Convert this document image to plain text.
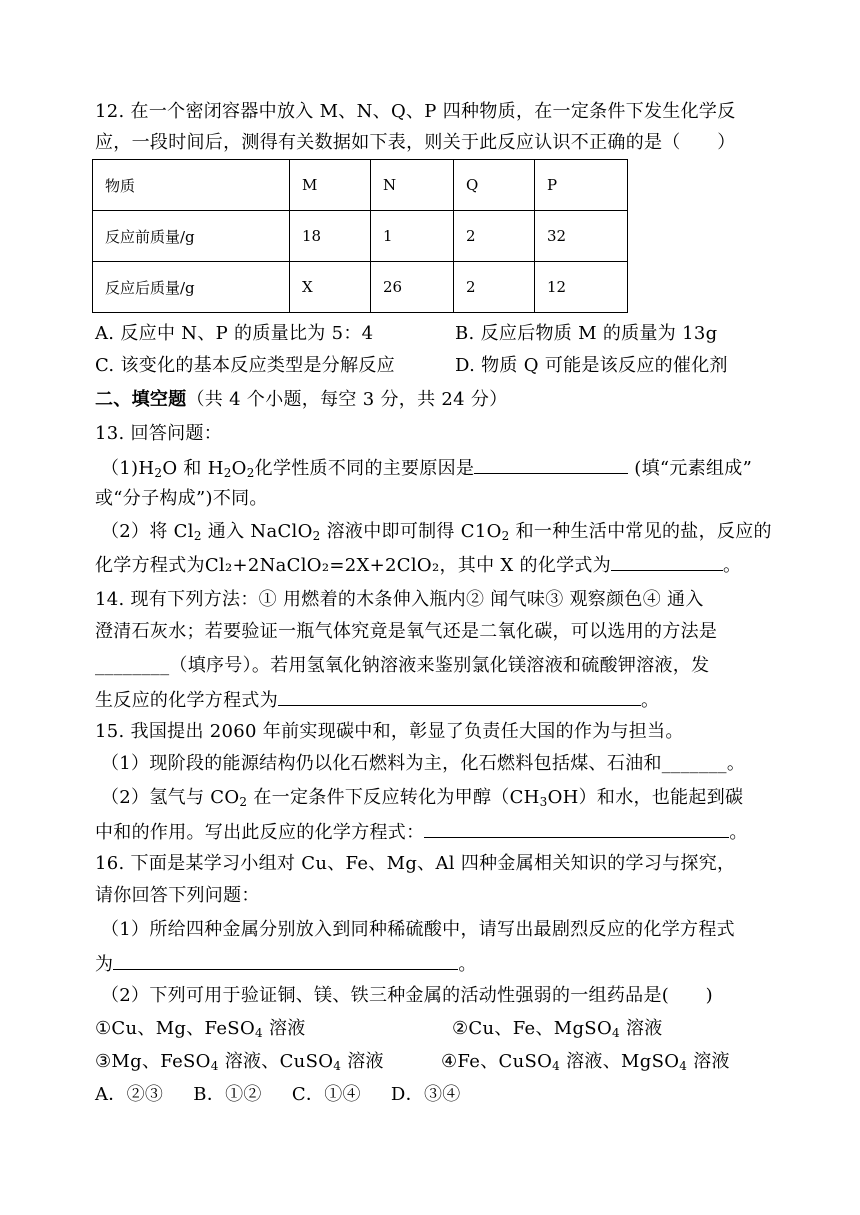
12. 在一个密闭容器中放入 M、N、Q、P 四种物质，在一定条件下发生化学反
应，一段时间后，测得有关数据如下表，则关于此反应认识不正确的是（　　）
物质	M	N	Q	P
反应前质量/g	18	1	2	32
反应后质量/g	X	26	2	12
A. 反应中 N、P 的质量比为 5：4	B. 反应后物质 M 的质量为 13g
C. 该变化的基本反应类型是分解反应	D. 物质 Q 可能是该反应的催化剂
二、填空题（共 4 个小题，每空 3 分，共 24 分）
13. 回答问题：
$(1)H_2O$ 和 $H_2O_2$化学性质不同的主要原因是	(填“元素组成”
或“分子构成”)不同。
（2）将 $Cl_2$ 通入 NaClO$_2$ 溶液中即可制得 $C1O_2$ 和一种生活中常见的盐，反应的
化学方程式为Cl₂+2NaClO₂=2X+2ClO₂，其中 X 的化学式为	。
14. 现有下列方法：① 用燃着的木条伸入瓶内② 闻气味③ 观察颜色④ 通入
澄清石灰水；若要验证一瓶气体究竟是氧气还是二氧化碳，可以选用的方法是
________（填序号）。若用氢氧化钠溶液来鉴别氯化镁溶液和硫酸钾溶液，发
生反应的化学方程式为	。
15. 我国提出 2060 年前实现碳中和，彰显了负责任大国的作为与担当。
（1）现阶段的能源结构仍以化石燃料为主，化石燃料包括煤、石油和_______。
（2）氢气与 $CO_2$ 在一定条件下反应转化为甲醇$(CH_3OH)$和水，也能起到碳
中和的作用。写出此反应的化学方程式：	。
16. 下面是某学习小组对 Cu、Fe、Mg、Al 四种金属相关知识的学习与探究，
请你回答下列问题：
（1）所给四种金属分别放入到同种稀硫酸中，请写出最剧烈反应的化学方程式
为	。
（2）下列可用于验证铜、镁、铁三种金属的活动性强弱的一组药品是(　　)
①Cu、Mg、FeSO$_4$ 溶液	②Cu、Fe、MgSO$_4$ 溶液
③Mg、FeSO$_4$ 溶液、CuSO$_4$ 溶液	④Fe、CuSO$_4$ 溶液、MgSO$_4$ 溶液
A．②③     B．①②     C．①④     D．③④
